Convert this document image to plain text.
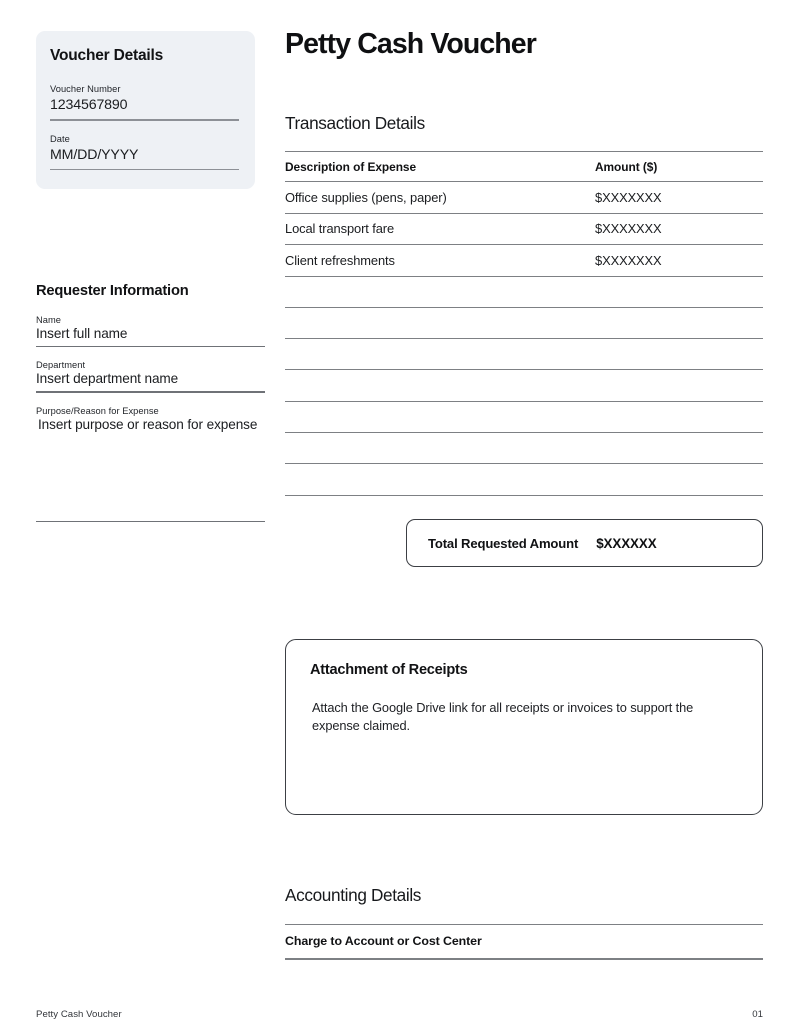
Voucher Details
Voucher Number
1234567890
Date
MM/DD/YYYY
Requester Information
Name
Insert full name
Department
Insert department name
Purpose/Reason for Expense
Insert purpose or reason for expense
Petty Cash Voucher
Transaction Details
Description of Expense	Amount ($)
Office supplies (pens, paper)	$XXXXXXX
Local transport fare	$XXXXXXX
Client refreshments	$XXXXXXX

Total Requested Amount $XXXXXX
Attachment of Receipts
Attach the Google Drive link for all receipts or invoices to support the expense claimed.
Accounting Details
Charge to Account or Cost Center
Petty Cash Voucher	01
